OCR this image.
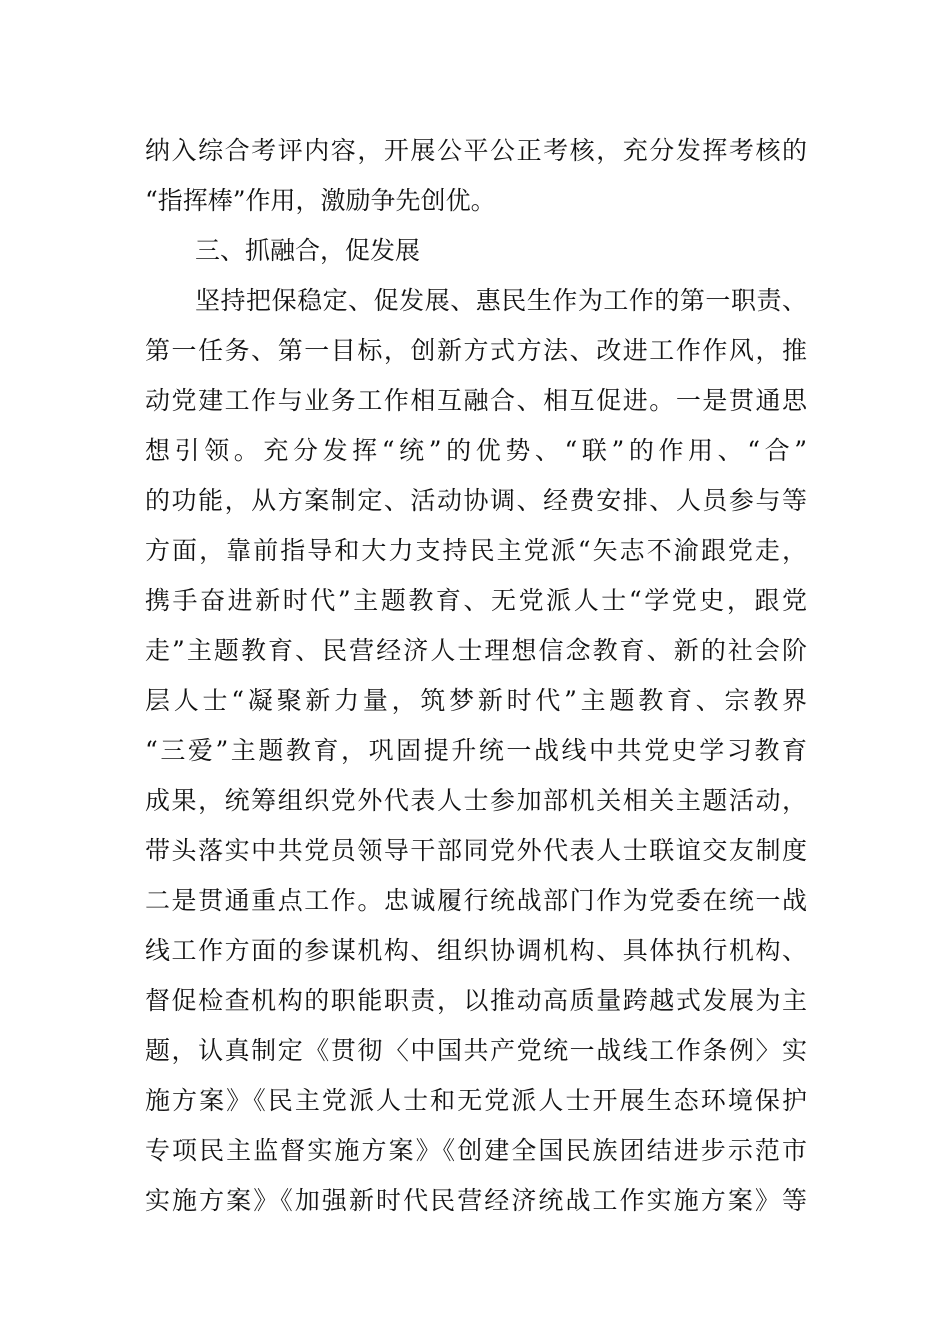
纳入综合考评内容，开展公平公正考核，充分发挥考核的
“指挥棒”作用，激励争先创优。
三、抓融合，促发展
坚持把保稳定、促发展、惠民生作为工作的第一职责、
第一任务、第一目标，创新方式方法、改进工作作风，推
动党建工作与业务工作相互融合、相互促进。一是贯通思
想引领。充分发挥“统”的优势、“联”的作用、“合”
的功能，从方案制定、活动协调、经费安排、人员参与等
方面，靠前指导和大力支持民主党派“矢志不渝跟党走，
携手奋进新时代”主题教育、无党派人士“学党史，跟党
走”主题教育、民营经济人士理想信念教育、新的社会阶
层人士“凝聚新力量，筑梦新时代”主题教育、宗教界
“三爱”主题教育，巩固提升统一战线中共党史学习教育
成果，统筹组织党外代表人士参加部机关相关主题活动，
带头落实中共党员领导干部同党外代表人士联谊交友制度
二是贯通重点工作。忠诚履行统战部门作为党委在统一战
线工作方面的参谋机构、组织协调机构、具体执行机构、
督促检查机构的职能职责，以推动高质量跨越式发展为主
题，认真制定《贯彻〈中国共产党统一战线工作条例〉实
施方案》《民主党派人士和无党派人士开展生态环境保护
专项民主监督实施方案》《创建全国民族团结进步示范市
实施方案》《加强新时代民营经济统战工作实施方案》等
